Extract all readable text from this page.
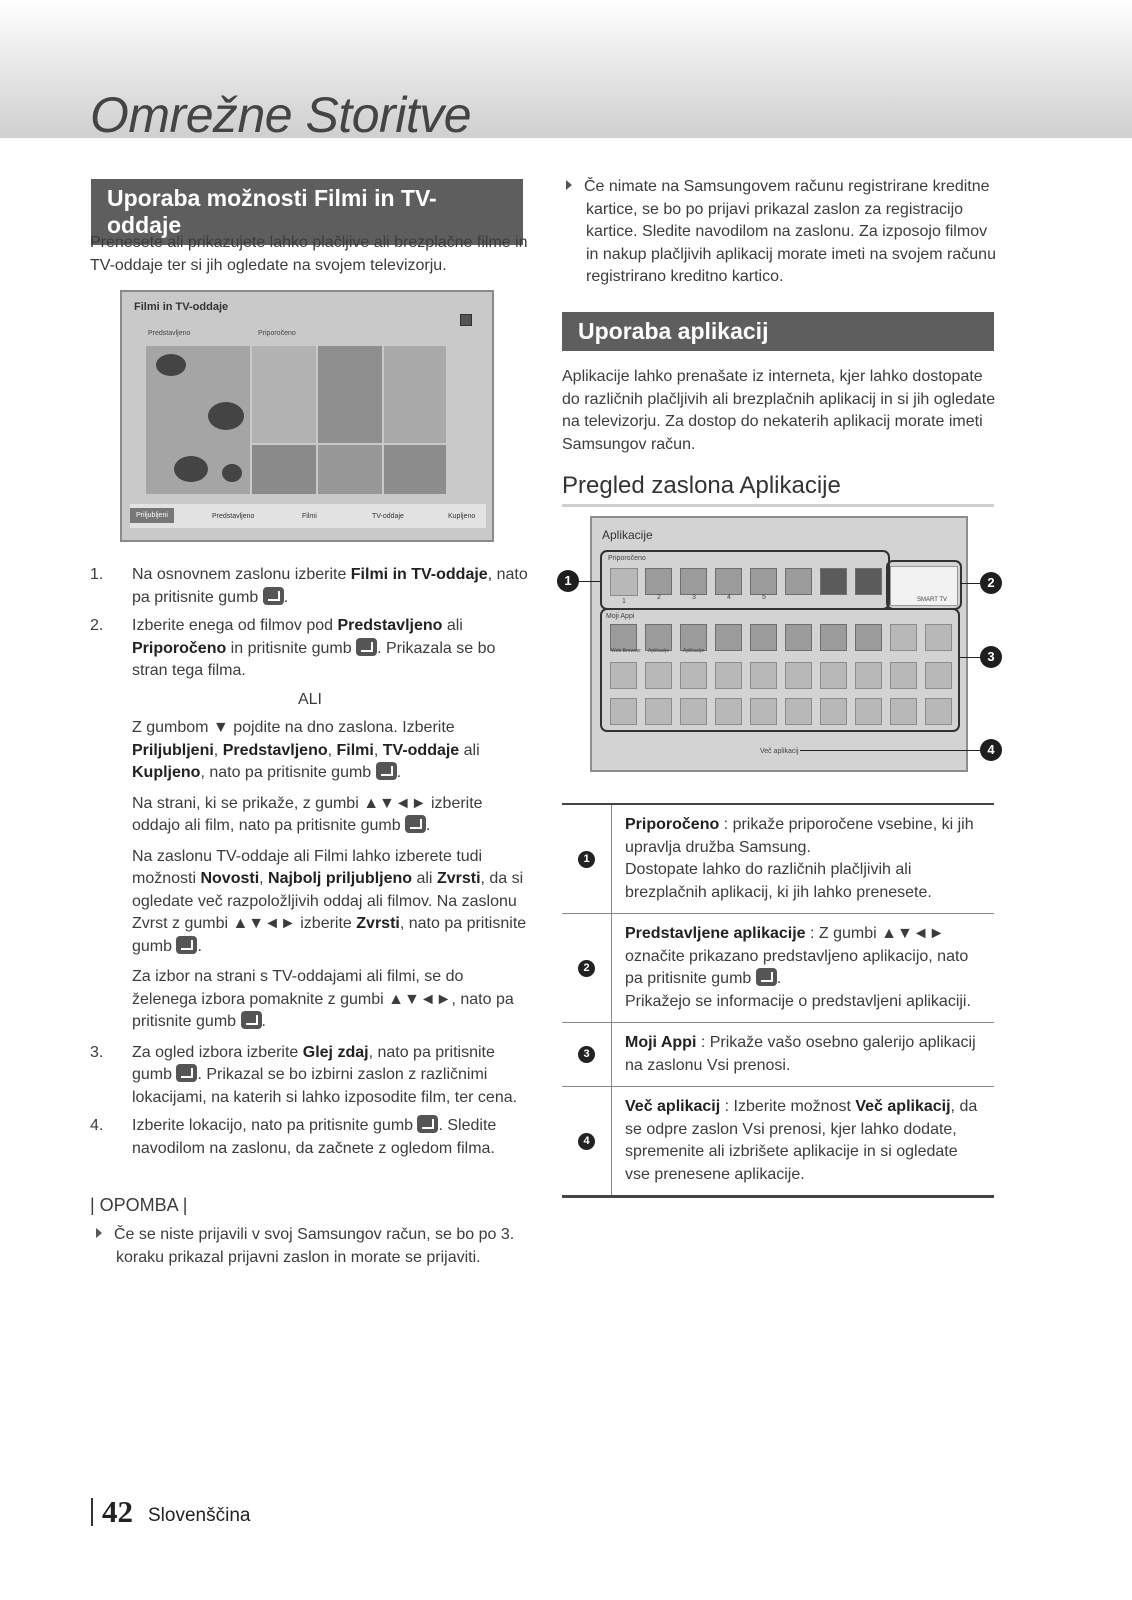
Omrežne Storitve
Uporaba možnosti Filmi in TV-oddaje

Prenesete ali prikazujete lahko plačljive ali brezplačne filme in TV-oddaje ter si jih ogledate na svojem televizorju.

Filmi in TV-oddaje
Predstavljeno	Priporočeno
Priljubljeni	Predstavljeno	Filmi	TV-oddaje	Kupljeno
1. Na osnovnem zaslonu izberite Filmi in TV-oddaje, nato pa pritisnite gumb .
2. Izberite enega od filmov pod Predstavljeno ali Priporočeno in pritisnite gumb . Prikazala se bo stran tega filma.
ALI
Z gumbom ▼ pojdite na dno zaslona. Izberite Priljubljeni, Predstavljeno, Filmi, TV-oddaje ali Kupljeno, nato pa pritisnite gumb .
Na strani, ki se prikaže, z gumbi ▲▼◄► izberite oddajo ali film, nato pa pritisnite gumb .
Na zaslonu TV-oddaje ali Filmi lahko izberete tudi možnosti Novosti, Najbolj priljubljeno ali Zvrsti, da si ogledate več razpoložljivih oddaj ali filmov. Na zaslonu Zvrst z gumbi ▲▼◄► izberite Zvrsti, nato pa pritisnite gumb .
Za izbor na strani s TV-oddajami ali filmi, se do želenega izbora pomaknite z gumbi ▲▼◄►, nato pa pritisnite gumb .
3. Za ogled izbora izberite Glej zdaj, nato pa pritisnite gumb . Prikazal se bo izbirni zaslon z različnimi lokacijami, na katerih si lahko izposodite film, ter cena.
4. Izberite lokacijo, nato pa pritisnite gumb . Sledite navodilom na zaslonu, da začnete z ogledom filma.
| OPOMBA |

Če se niste prijavili v svoj Samsungov račun, se bo po 3. koraku prikazal prijavni zaslon in morate se prijaviti.

Če nimate na Samsungovem računu registrirane kreditne kartice, se bo po prijavi prikazal zaslon za registracijo kartice. Sledite navodilom na zaslonu. Za izposojo filmov in nakup plačljivih aplikacij morate imeti na svojem računu registrirano kreditno kartico.

Uporaba aplikacij

Aplikacije lahko prenašate iz interneta, kjer lahko dostopate do različnih plačljivih ali brezplačnih aplikacij in si jih ogledate na televizorju. Za dostop do nekaterih aplikacij morate imeti Samsungov račun.

Pregled zaslona Aplikacije
Aplikacije
Priporočeno
1
2	3	4	5	SMART TV
Moji Appi
Web Browser Aplikacije	Aplikacije
Več aplikacij
1	2
3
4
1
Priporočeno : prikaže priporočene vsebine, ki jih upravlja družba Samsung.
Dostopate lahko do različnih plačljivih ali brezplačnih aplikacij, ki jih lahko prenesete.
2
Predstavljene aplikacije : Z gumbi ▲▼◄► označite prikazano predstavljeno aplikacijo, nato pa pritisnite gumb .
Prikažejo se informacije o predstavljeni aplikaciji.
3
Moji Appi : Prikaže vašo osebno galerijo aplikacij na zaslonu Vsi prenosi.
4
Več aplikacij : Izberite možnost Več aplikacij, da se odpre zaslon Vsi prenosi, kjer lahko dodate, spremenite ali izbrišete aplikacije in si ogledate vse prenesene aplikacije.
42 Slovenščina
